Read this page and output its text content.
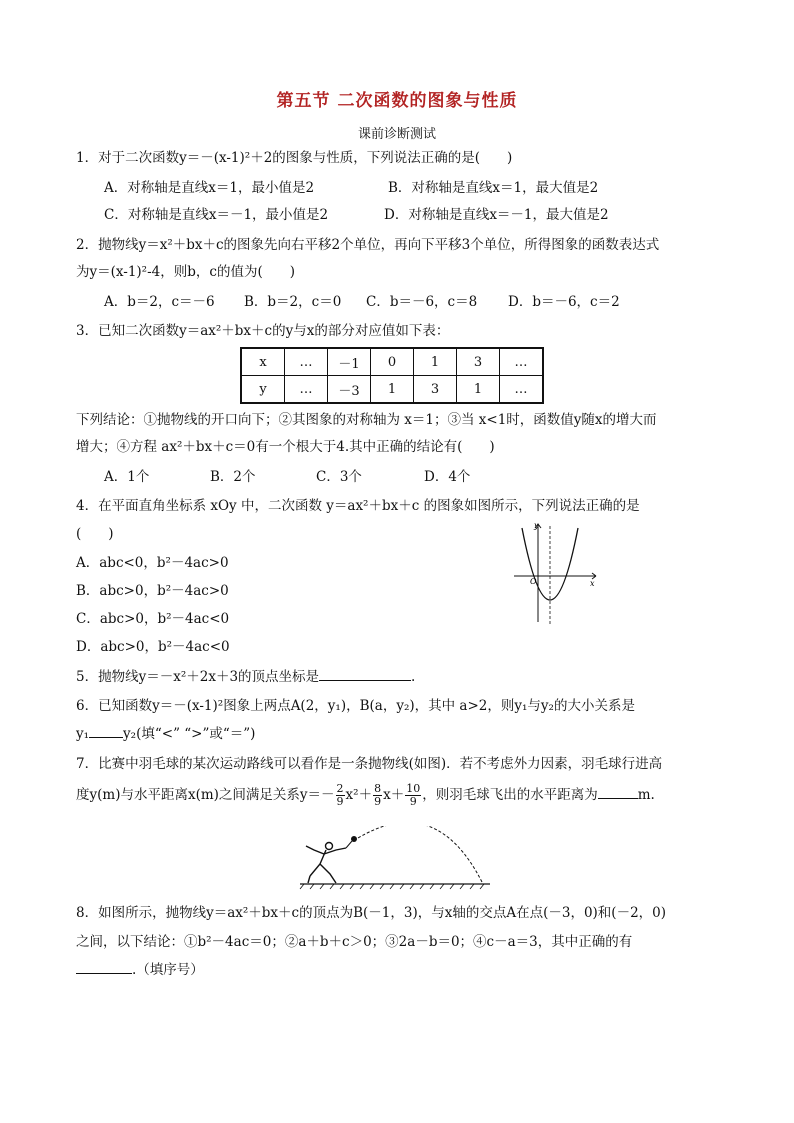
第五节 二次函数的图象与性质
课前诊断测试
1．对于二次函数y＝－(x-1)²＋2的图象与性质，下列说法正确的是(　　)
A．对称轴是直线x＝1，最小值是2	B．对称轴是直线x＝1，最大值是2
C．对称轴是直线x＝－1，最小值是2	D．对称轴是直线x＝－1，最大值是2
2．抛物线y＝x²＋bx＋c的图象先向右平移2个单位，再向下平移3个单位，所得图象的函数表达式
为y＝(x-1)²-4，则b，c的值为(　　)
A．b＝2，c＝－6 B．b＝2，c＝0 C．b＝－6，c＝8 D．b＝－6，c＝2
3．已知二次函数y＝ax²＋bx＋c的y与x的部分对应值如下表：
x	…	－1	0	1	3	…
y	…	－3	1	3	1	…
下列结论：①抛物线的开口向下；②其图象的对称轴为 x＝1；③当 x<1时，函数值y随x的增大而
增大；④方程 ax²＋bx＋c＝0有一个根大于4.其中正确的结论有(　　)
A．1个	B．2个	C．3个	D．4个
4．在平面直角坐标系 xOy 中，二次函数 y＝ax²＋bx＋c 的图象如图所示，下列说法正确的是
(　　)
A．abc<0，b²－4ac>0
B．abc>0，b²－4ac>0
C．abc>0，b²－4ac<0
D．abc>0，b²－4ac<0
y
x
O
5．抛物线y＝－x²＋2x＋3的顶点坐标是	.
6．已知函数y＝－(x-1)²图象上两点A(2，y₁)，B(a，y₂)，其中 a>2，则y₁与y₂的大小关系是
y₁	y₂(填“<” “>”或“＝”)
7．比赛中羽毛球的某次运动路线可以看作是一条抛物线(如图)．若不考虑外力因素，羽毛球行进高
度y(m)与水平距离x(m)之间满足关系$y=- \frac{2}{9} x^2+ \frac{8}{9} x+ \frac{10}{9}$ ，则羽毛球飞出的水平距离为	m.
8．如图所示，抛物线y＝ax²＋bx＋c的顶点为B(－1，3)，与x轴的交点A在点(－3，0)和(－2，0)
之间，以下结论：①b²－4ac＝0；②a＋b＋c＞0；③2a－b＝0；④c－a＝3，其中正确的有
.（填序号）
